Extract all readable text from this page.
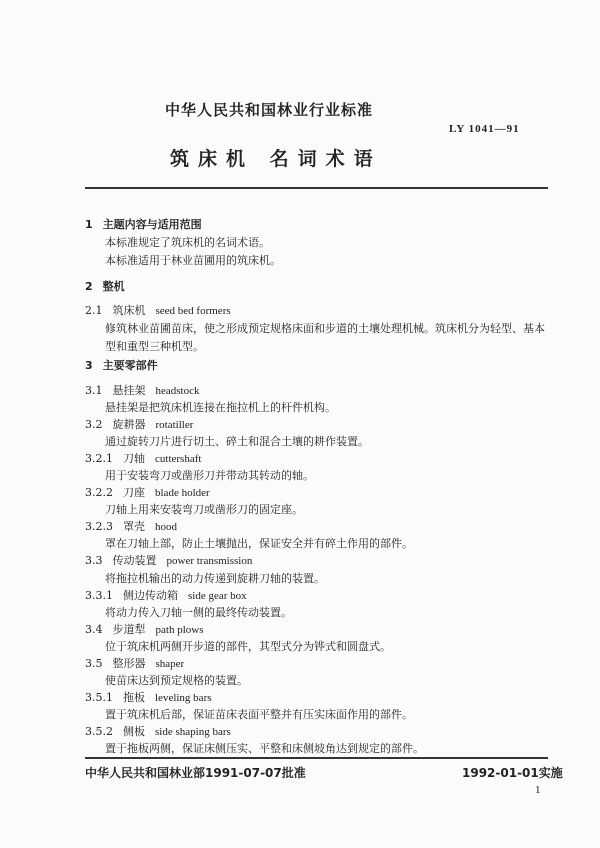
中华人民共和国林业行业标准
LY 1041—91
筑床机 名词术语
1 主题内容与适用范围
本标准规定了筑床机的名词术语。
本标准适用于林业苗圃用的筑床机。
2 整机
2.1 筑床机 seed bed formers
修筑林业苗圃苗床，使之形成预定规格床面和步道的土壤处理机械。筑床机分为轻型、基本型和重型三种机型。
3 主要零部件
3.1 悬挂架 headstock
悬挂架是把筑床机连接在拖拉机上的杆件机构。
3.2 旋耕器 rotatiller
通过旋转刀片进行切土、碎土和混合土壤的耕作装置。
3.2.1 刀轴 cuttershaft
用于安装弯刀或凿形刀并带动其转动的轴。
3.2.2 刀座 blade holder
刀轴上用来安装弯刀或凿形刀的固定座。
3.2.3 罩壳 hood
罩在刀轴上部，防止土壤抛出，保证安全并有碎土作用的部件。
3.3 传动装置 power transmission
将拖拉机输出的动力传递到旋耕刀轴的装置。
3.3.1 侧边传动箱 side gear box
将动力传入刀轴一侧的最终传动装置。
3.4 步道犁 path plows
位于筑床机两侧开步道的部件，其型式分为铧式和圆盘式。
3.5 整形器 shaper
使苗床达到预定规格的装置。
3.5.1 拖板 leveling bars
置于筑床机后部，保证苗床表面平整并有压实床面作用的部件。
3.5.2 侧板 side shaping bars
置于拖板两侧，保证床侧压实、平整和床侧坡角达到规定的部件。
中华人民共和国林业部1991-07-07批准	1992-01-01实施
1
